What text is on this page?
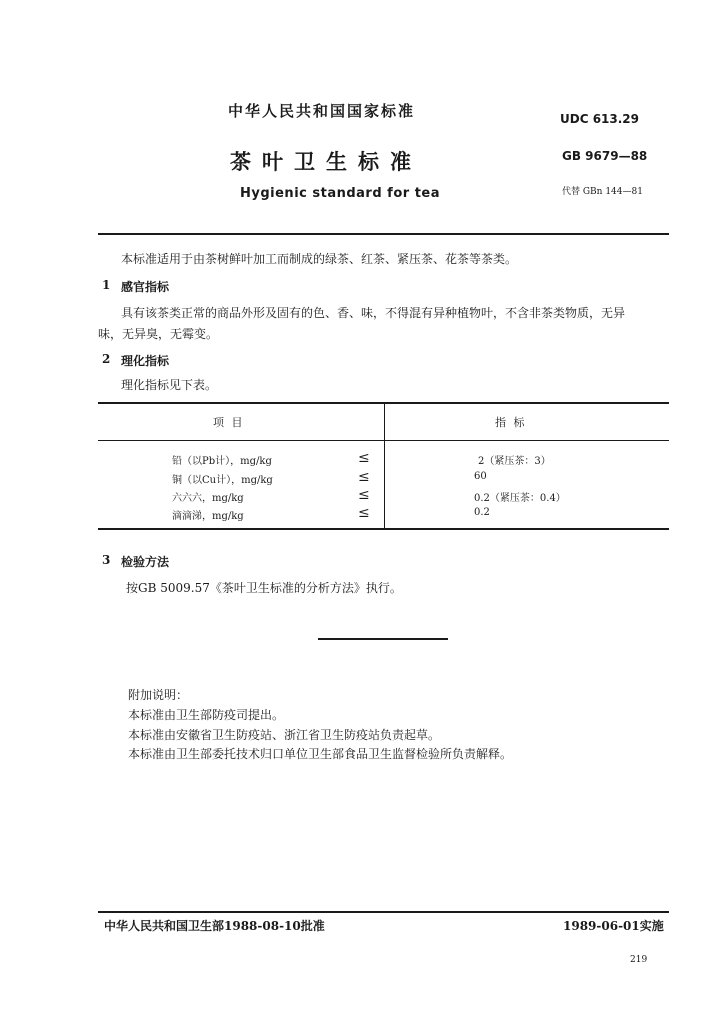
中华人民共和国国家标准
茶叶卫生标准
Hygienic standard for tea
UDC 613.29
GB 9679—88
代替 GBn 144—81
本标准适用于由茶树鲜叶加工而制成的绿茶、红茶、紧压茶、花茶等茶类。
1 感官指标
具有该茶类正常的商品外形及固有的色、香、味，不得混有异种植物叶，不含非茶类物质，无异
味，无异臭，无霉变。
2 理化指标
理化指标见下表。
项 目	指 标
铅（以Pb计），mg/kg	≤	2（紧压茶：3）
铜（以Cu计），mg/kg	≤	60
六六六，mg/kg	≤	0.2（紧压茶：0.4）
滴滴涕，mg/kg	≤	0.2
3 检验方法
按GB 5009.57《茶叶卫生标准的分析方法》执行。
附加说明：
本标准由卫生部防疫司提出。
本标准由安徽省卫生防疫站、浙江省卫生防疫站负责起草。
本标准由卫生部委托技术归口单位卫生部食品卫生监督检验所负责解释。
中华人民共和国卫生部1988-08-10批准	1989-06-01实施
219
